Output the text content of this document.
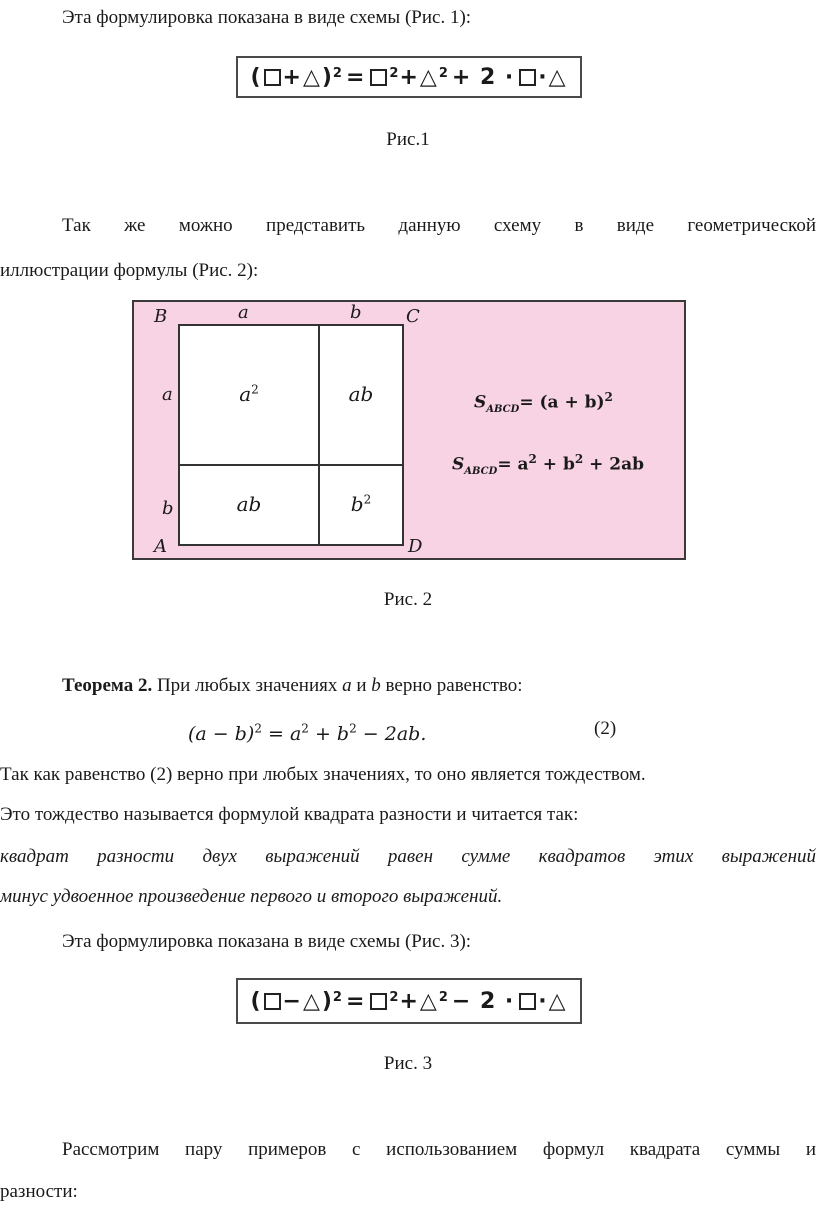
Эта формулировка показана в виде схемы (Рис. 1):
( + △ )$^2$ = $^2$ + △$^2$ + 2 · · △
Рис.1
Так же можно представить данную схему в виде геометрической
иллюстрации формулы (Рис. 2):
B	a	b C
a
b
A	D
$a^2$	ab
ab	$b^2$
$S_{ABCD}= (a + b)^2$
$S_{ABCD}= a^2 + b^2 + 2ab$
Рис. 2
Теорема 2. При любых значениях a и b верно равенство:
$(a - b)^2 = a^2 + b^2 - 2ab$.	(2)
Так как равенство (2) верно при любых значениях, то оно является тождеством.
Это тождество называется формулой квадрата разности и читается так:
квадрат разности двух выражений равен сумме квадратов этих выражений
минус удвоенное произведение первого и второго выражений.
Эта формулировка показана в виде схемы (Рис. 3):
( − △ )$^2$ = $^2$ + △$^2$ − 2 · · △
Рис. 3
Рассмотрим пару примеров с использованием формул квадрата суммы и
разности:
